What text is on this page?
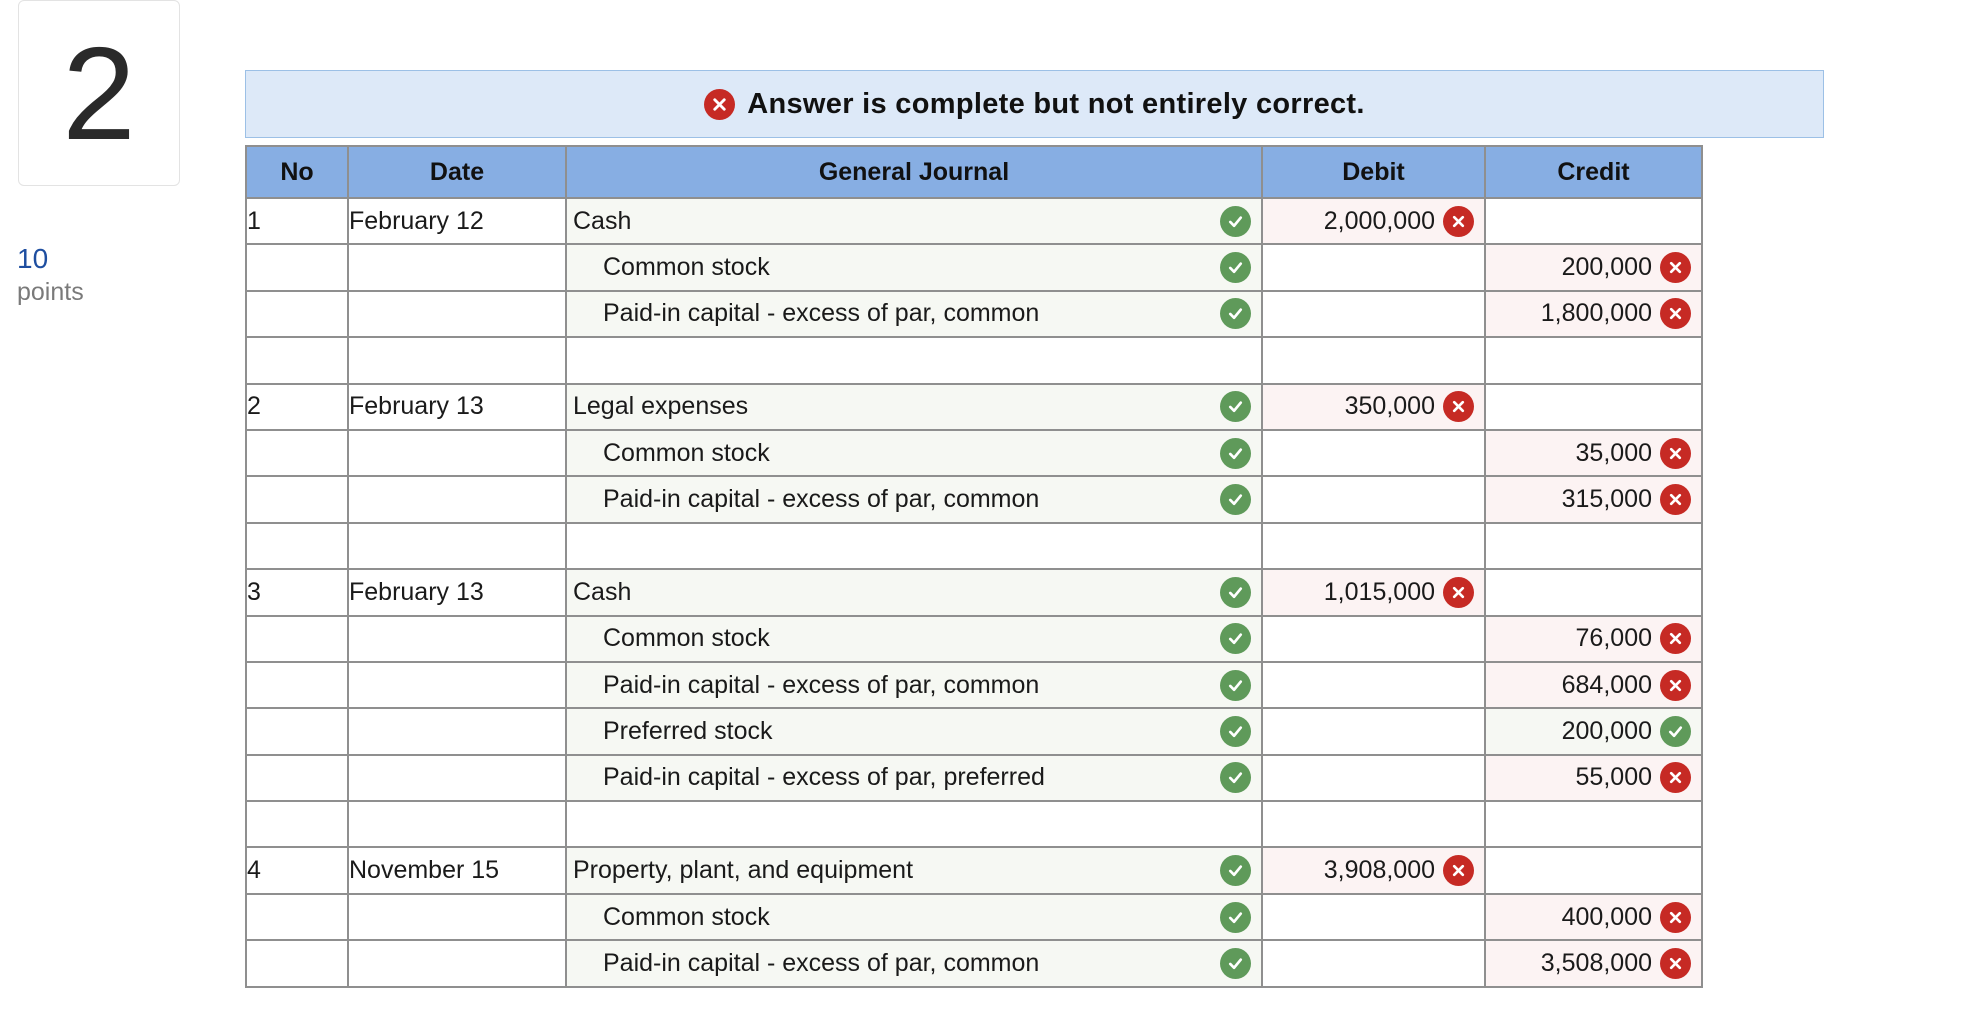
2
10
points
Answer is complete but not entirely correct.
No	Date	General Journal	Debit	Credit
1	February 12	Cash	2,000,000	

		Common stock		200,000

		Paid-in capital - excess of par, common		1,800,000

2	February 13	Legal expenses	350,000	

		Common stock		35,000

		Paid-in capital - excess of par, common		315,000

3	February 13	Cash	1,015,000	

		Common stock		76,000

		Paid-in capital - excess of par, common		684,000

		Preferred stock		200,000

		Paid-in capital - excess of par, preferred		55,000

4	November 15	Property, plant, and equipment	3,908,000	

		Common stock		400,000

		Paid-in capital - excess of par, common		3,508,000
